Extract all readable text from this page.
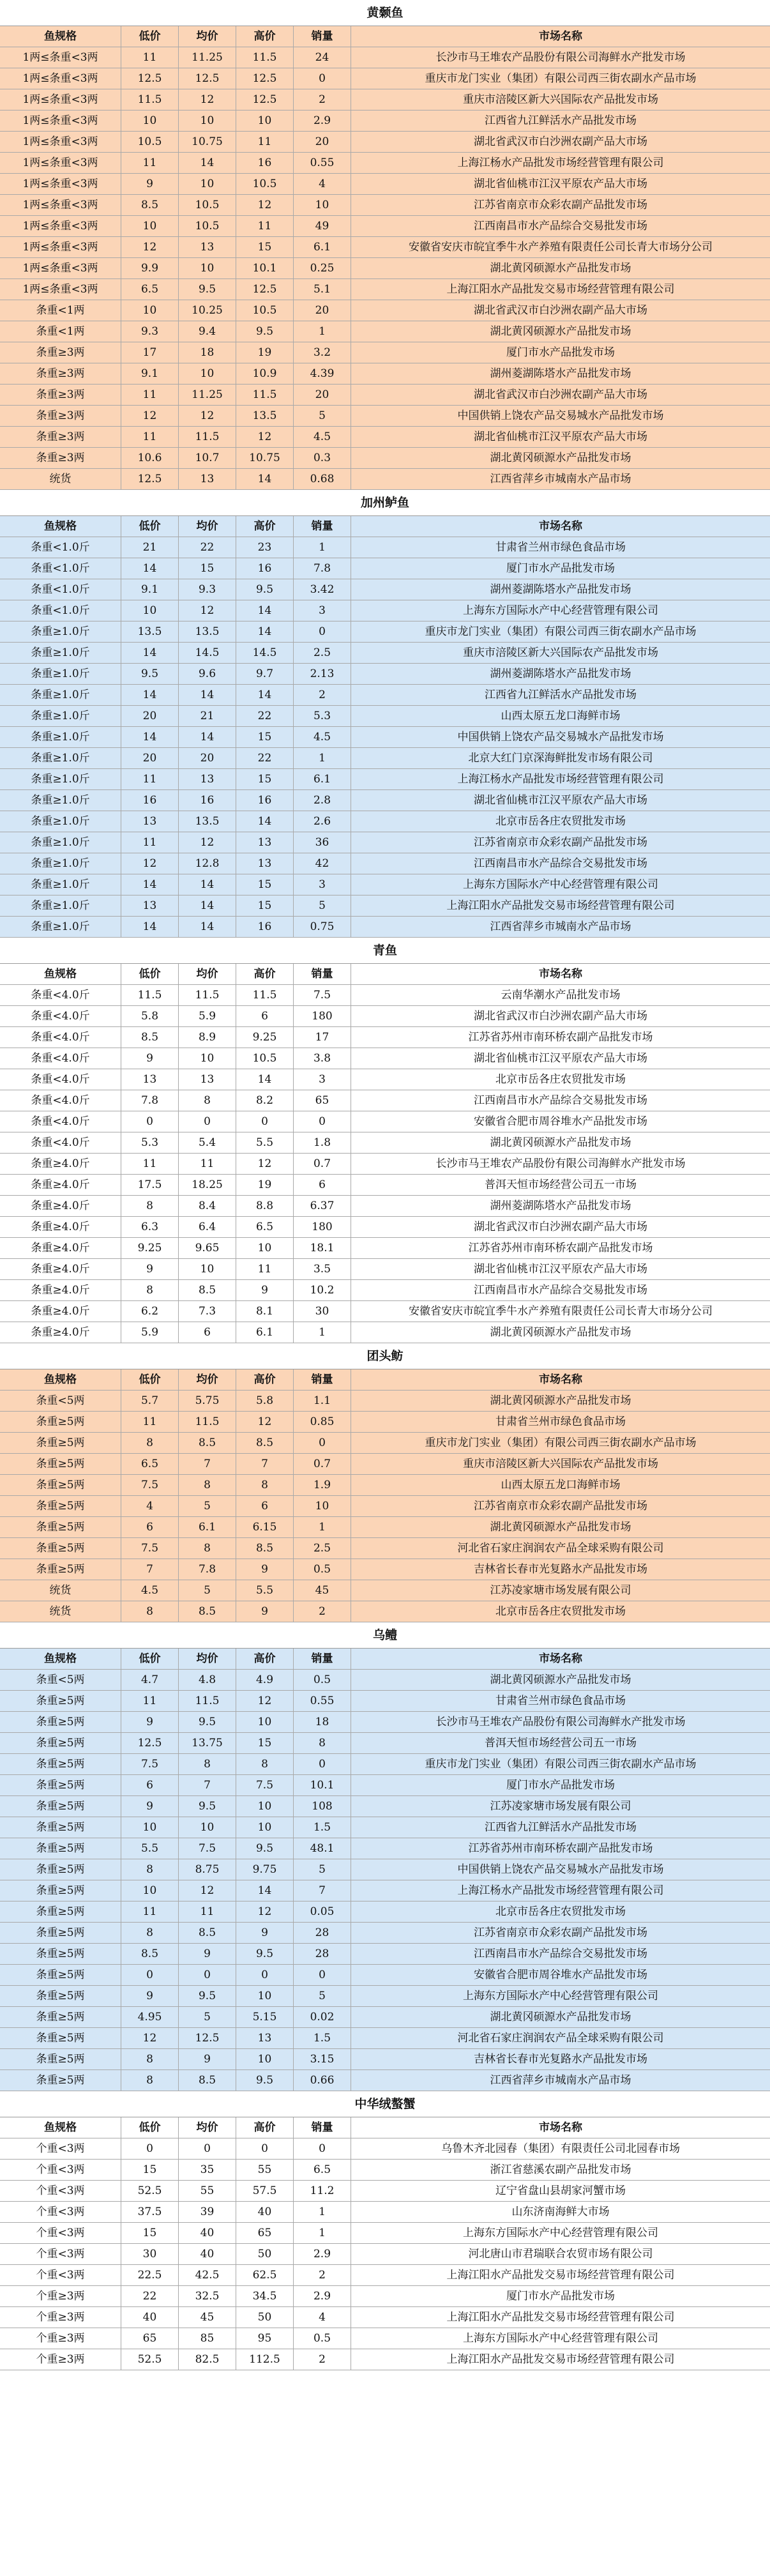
黄颡鱼
鱼规格	低价	均价	高价	销量	市场名称
1两≤条重<3两	11	11.25	11.5	24	长沙市马王堆农产品股份有限公司海鲜水产批发市场
1两≤条重<3两	12.5	12.5	12.5	0	重庆市龙门实业（集团）有限公司西三街农副水产品市场
1两≤条重<3两	11.5	12	12.5	2	重庆市涪陵区新大兴国际农产品批发市场
1两≤条重<3两	10	10	10	2.9	江西省九江鲜活水产品批发市场
1两≤条重<3两	10.5	10.75	11	20	湖北省武汉市白沙洲农副产品大市场
1两≤条重<3两	11	14	16	0.55	上海江杨水产品批发市场经营管理有限公司
1两≤条重<3两	9	10	10.5	4	湖北省仙桃市江汉平原农产品大市场
1两≤条重<3两	8.5	10.5	12	10	江苏省南京市众彩农副产品批发市场
1两≤条重<3两	10	10.5	11	49	江西南昌市水产品综合交易批发市场
1两≤条重<3两	12	13	15	6.1	安徽省安庆市皖宜季牛水产养殖有限责任公司长青大市场分公司
1两≤条重<3两	9.9	10	10.1	0.25	湖北黄冈硕源水产品批发市场
1两≤条重<3两	6.5	9.5	12.5	5.1	上海江阳水产品批发交易市场经营管理有限公司
条重<1两	10	10.25	10.5	20	湖北省武汉市白沙洲农副产品大市场
条重<1两	9.3	9.4	9.5	1	湖北黄冈硕源水产品批发市场
条重≥3两	17	18	19	3.2	厦门市水产品批发市场
条重≥3两	9.1	10	10.9	4.39	湖州菱湖陈塔水产品批发市场
条重≥3两	11	11.25	11.5	20	湖北省武汉市白沙洲农副产品大市场
条重≥3两	12	12	13.5	5	中国供销上饶农产品交易城水产品批发市场
条重≥3两	11	11.5	12	4.5	湖北省仙桃市江汉平原农产品大市场
条重≥3两	10.6	10.7	10.75	0.3	湖北黄冈硕源水产品批发市场
统货	12.5	13	14	0.68	江西省萍乡市城南水产品市场
加州鲈鱼
鱼规格	低价	均价	高价	销量	市场名称
条重<1.0斤	21	22	23	1	甘肃省兰州市绿色食品市场
条重<1.0斤	14	15	16	7.8	厦门市水产品批发市场
条重<1.0斤	9.1	9.3	9.5	3.42	湖州菱湖陈塔水产品批发市场
条重<1.0斤	10	12	14	3	上海东方国际水产中心经营管理有限公司
条重≥1.0斤	13.5	13.5	14	0	重庆市龙门实业（集团）有限公司西三街农副水产品市场
条重≥1.0斤	14	14.5	14.5	2.5	重庆市涪陵区新大兴国际农产品批发市场
条重≥1.0斤	9.5	9.6	9.7	2.13	湖州菱湖陈塔水产品批发市场
条重≥1.0斤	14	14	14	2	江西省九江鲜活水产品批发市场
条重≥1.0斤	20	21	22	5.3	山西太原五龙口海鲜市场
条重≥1.0斤	14	14	15	4.5	中国供销上饶农产品交易城水产品批发市场
条重≥1.0斤	20	20	22	1	北京大红门京深海鲜批发市场有限公司
条重≥1.0斤	11	13	15	6.1	上海江杨水产品批发市场经营管理有限公司
条重≥1.0斤	16	16	16	2.8	湖北省仙桃市江汉平原农产品大市场
条重≥1.0斤	13	13.5	14	2.6	北京市岳各庄农贸批发市场
条重≥1.0斤	11	12	13	36	江苏省南京市众彩农副产品批发市场
条重≥1.0斤	12	12.8	13	42	江西南昌市水产品综合交易批发市场
条重≥1.0斤	14	14	15	3	上海东方国际水产中心经营管理有限公司
条重≥1.0斤	13	14	15	5	上海江阳水产品批发交易市场经营管理有限公司
条重≥1.0斤	14	14	16	0.75	江西省萍乡市城南水产品市场
青鱼
鱼规格	低价	均价	高价	销量	市场名称
条重<4.0斤	11.5	11.5	11.5	7.5	云南华潮水产品批发市场
条重<4.0斤	5.8	5.9	6	180	湖北省武汉市白沙洲农副产品大市场
条重<4.0斤	8.5	8.9	9.25	17	江苏省苏州市南环桥农副产品批发市场
条重<4.0斤	9	10	10.5	3.8	湖北省仙桃市江汉平原农产品大市场
条重<4.0斤	13	13	14	3	北京市岳各庄农贸批发市场
条重<4.0斤	7.8	8	8.2	65	江西南昌市水产品综合交易批发市场
条重<4.0斤	0	0	0	0	安徽省合肥市周谷堆水产品批发市场
条重<4.0斤	5.3	5.4	5.5	1.8	湖北黄冈硕源水产品批发市场
条重≥4.0斤	11	11	12	0.7	长沙市马王堆农产品股份有限公司海鲜水产批发市场
条重≥4.0斤	17.5	18.25	19	6	普洱天恒市场经营公司五一市场
条重≥4.0斤	8	8.4	8.8	6.37	湖州菱湖陈塔水产品批发市场
条重≥4.0斤	6.3	6.4	6.5	180	湖北省武汉市白沙洲农副产品大市场
条重≥4.0斤	9.25	9.65	10	18.1	江苏省苏州市南环桥农副产品批发市场
条重≥4.0斤	9	10	11	3.5	湖北省仙桃市江汉平原农产品大市场
条重≥4.0斤	8	8.5	9	10.2	江西南昌市水产品综合交易批发市场
条重≥4.0斤	6.2	7.3	8.1	30	安徽省安庆市皖宜季牛水产养殖有限责任公司长青大市场分公司
条重≥4.0斤	5.9	6	6.1	1	湖北黄冈硕源水产品批发市场
团头鲂
鱼规格	低价	均价	高价	销量	市场名称
条重<5两	5.7	5.75	5.8	1.1	湖北黄冈硕源水产品批发市场
条重≥5两	11	11.5	12	0.85	甘肃省兰州市绿色食品市场
条重≥5两	8	8.5	8.5	0	重庆市龙门实业（集团）有限公司西三街农副水产品市场
条重≥5两	6.5	7	7	0.7	重庆市涪陵区新大兴国际农产品批发市场
条重≥5两	7.5	8	8	1.9	山西太原五龙口海鲜市场
条重≥5两	4	5	6	10	江苏省南京市众彩农副产品批发市场
条重≥5两	6	6.1	6.15	1	湖北黄冈硕源水产品批发市场
条重≥5两	7.5	8	8.5	2.5	河北省石家庄润润农产品全球采购有限公司
条重≥5两	7	7.8	9	0.5	吉林省长春市光复路水产品批发市场
统货	4.5	5	5.5	45	江苏凌家塘市场发展有限公司
统货	8	8.5	9	2	北京市岳各庄农贸批发市场
乌鳢
鱼规格	低价	均价	高价	销量	市场名称
条重<5两	4.7	4.8	4.9	0.5	湖北黄冈硕源水产品批发市场
条重≥5两	11	11.5	12	0.55	甘肃省兰州市绿色食品市场
条重≥5两	9	9.5	10	18	长沙市马王堆农产品股份有限公司海鲜水产批发市场
条重≥5两	12.5	13.75	15	8	普洱天恒市场经营公司五一市场
条重≥5两	7.5	8	8	0	重庆市龙门实业（集团）有限公司西三街农副水产品市场
条重≥5两	6	7	7.5	10.1	厦门市水产品批发市场
条重≥5两	9	9.5	10	108	江苏凌家塘市场发展有限公司
条重≥5两	10	10	10	1.5	江西省九江鲜活水产品批发市场
条重≥5两	5.5	7.5	9.5	48.1	江苏省苏州市南环桥农副产品批发市场
条重≥5两	8	8.75	9.75	5	中国供销上饶农产品交易城水产品批发市场
条重≥5两	10	12	14	7	上海江杨水产品批发市场经营管理有限公司
条重≥5两	11	11	12	0.05	北京市岳各庄农贸批发市场
条重≥5两	8	8.5	9	28	江苏省南京市众彩农副产品批发市场
条重≥5两	8.5	9	9.5	28	江西南昌市水产品综合交易批发市场
条重≥5两	0	0	0	0	安徽省合肥市周谷堆水产品批发市场
条重≥5两	9	9.5	10	5	上海东方国际水产中心经营管理有限公司
条重≥5两	4.95	5	5.15	0.02	湖北黄冈硕源水产品批发市场
条重≥5两	12	12.5	13	1.5	河北省石家庄润润农产品全球采购有限公司
条重≥5两	8	9	10	3.15	吉林省长春市光复路水产品批发市场
条重≥5两	8	8.5	9.5	0.66	江西省萍乡市城南水产品市场
中华绒螯蟹
鱼规格	低价	均价	高价	销量	市场名称
个重<3两	0	0	0	0	乌鲁木齐北园春（集团）有限责任公司北园春市场
个重<3两	15	35	55	6.5	浙江省慈溪农副产品批发市场
个重<3两	52.5	55	57.5	11.2	辽宁省盘山县胡家河蟹市场
个重<3两	37.5	39	40	1	山东济南海鲜大市场
个重<3两	15	40	65	1	上海东方国际水产中心经营管理有限公司
个重<3两	30	40	50	2.9	河北唐山市君瑞联合农贸市场有限公司
个重<3两	22.5	42.5	62.5	2	上海江阳水产品批发交易市场经营管理有限公司
个重≥3两	22	32.5	34.5	2.9	厦门市水产品批发市场
个重≥3两	40	45	50	4	上海江阳水产品批发交易市场经营管理有限公司
个重≥3两	65	85	95	0.5	上海东方国际水产中心经营管理有限公司
个重≥3两	52.5	82.5	112.5	2	上海江阳水产品批发交易市场经营管理有限公司
